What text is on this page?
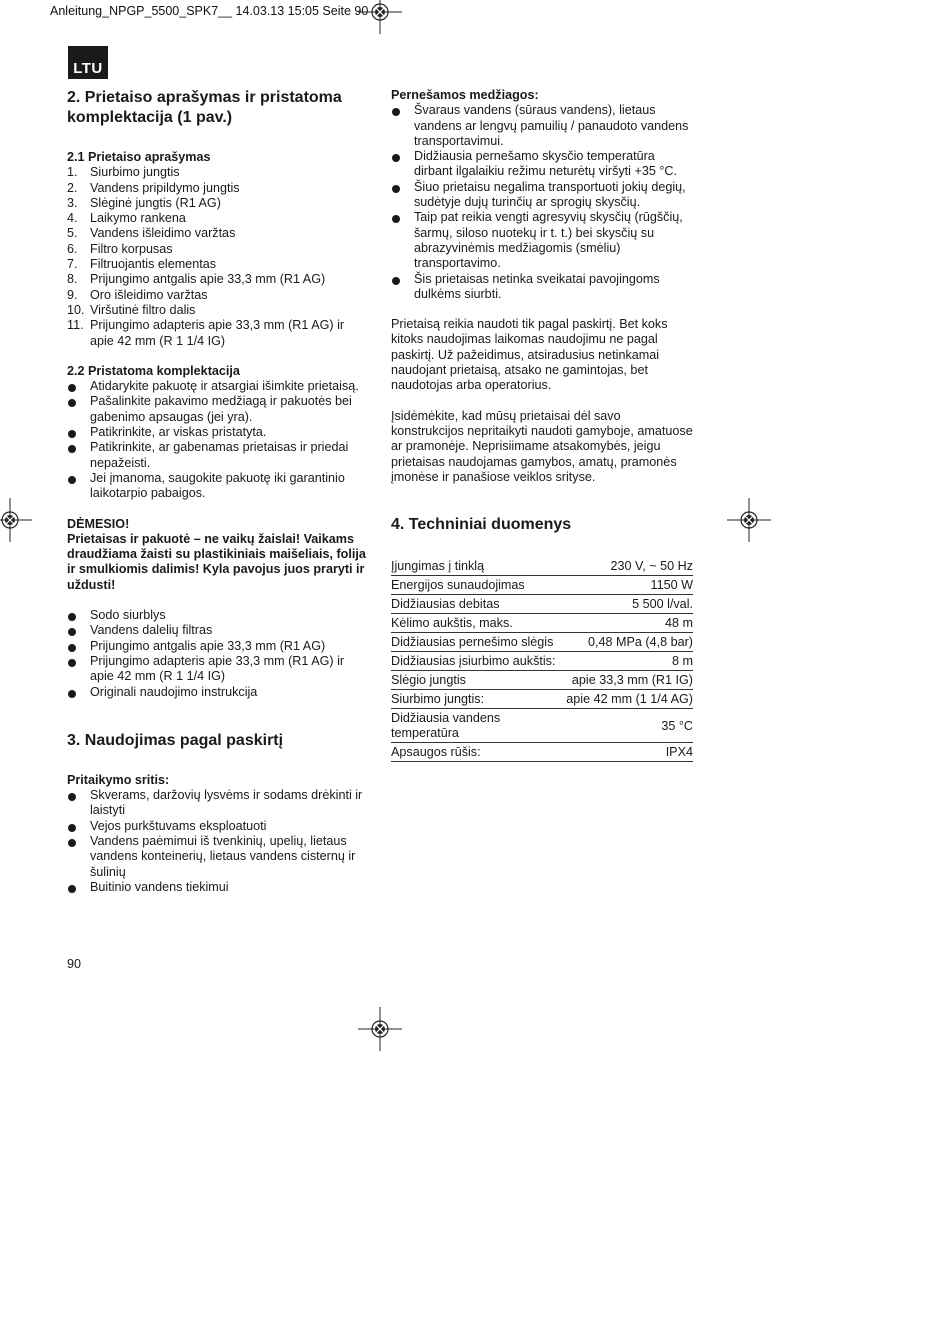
Anleitung_NPGP_5500_SPK7__ 14.03.13 15:05 Seite 90
LTU
2. Prietaiso aprašymas ir pristatoma komplektacija (1 pav.)
2.1 Prietaiso aprašymas
1. Siurbimo jungtis
2. Vandens pripildymo jungtis
3. Slėginė jungtis (R1 AG)
4. Laikymo rankena
5. Vandens išleidimo varžtas
6. Filtro korpusas
7. Filtruojantis elementas
8. Prijungimo antgalis apie 33,3 mm (R1 AG)
9. Oro išleidimo varžtas
10. Viršutinė filtro dalis
11. Prijungimo adapteris apie 33,3 mm (R1 AG) ir apie 42 mm (R 1 1/4 IG)
2.2 Pristatoma komplektacija
Atidarykite pakuotę ir atsargiai išimkite prietaisą.
Pašalinkite pakavimo medžiagą ir pakuotės bei gabenimo apsaugas (jei yra).
Patikrinkite, ar viskas pristatyta.
Patikrinkite, ar gabenamas prietaisas ir priedai nepažeisti.
Jei įmanoma, saugokite pakuotę iki garantinio laikotarpio pabaigos.

DĖMESIO!

Prietaisas ir pakuotė – ne vaikų žaislai! Vaikams draudžiama žaisti su plastikiniais maišeliais, folija ir smulkiomis dalimis! Kyla pavojus juos praryti ir uždusti!

Sodo siurblys
Vandens dalelių filtras
Prijungimo antgalis apie 33,3 mm (R1 AG)
Prijungimo adapteris apie 33,3 mm (R1 AG) ir apie 42 mm (R 1 1/4 IG)
Originali naudojimo instrukcija
3. Naudojimas pagal paskirtį
Pritaikymo sritis:
Skverams, daržovių lysvėms ir sodams drėkinti ir laistyti
Vejos purkštuvams eksploatuoti
Vandens paėmimui iš tvenkinių, upelių, lietaus vandens konteinerių, lietaus vandens cisternų ir šulinių
Buitinio vandens tiekimui
Pernešamos medžiagos:
Švaraus vandens (sūraus vandens), lietaus vandens ar lengvų pamuilių / panaudoto vandens transportavimui.
Didžiausia pernešamo skysčio temperatūra dirbant ilgalaikiu režimu neturėtų viršyti +35 °C.
Šiuo prietaisu negalima transportuoti jokių degių, sudėtyje dujų turinčių ar sprogių skysčių.
Taip pat reikia vengti agresyvių skysčių (rūgščių, šarmų, siloso nuotekų ir t. t.) bei skysčių su abrazyvinėmis medžiagomis (smėliu) transportavimo.
Šis prietaisas netinka sveikatai pavojingoms dulkėms siurbti.

Prietaisą reikia naudoti tik pagal paskirtį. Bet koks kitoks naudojimas laikomas naudojimu ne pagal paskirtį. Už pažeidimus, atsiradusius netinkamai naudojant prietaisą, atsako ne gamintojas, bet naudotojas arba operatorius.

Įsidėmėkite, kad mūsų prietaisai dėl savo konstrukcijos nepritaikyti naudoti gamyboje, amatuose ar pramonėje. Neprisiimame atsakomybės, jeigu prietaisas naudojamas gamybos, amatų, pramonės įmonėse ir panašiose veiklos srityse.

4. Techniniai duomenys
Įjungimas į tinklą	230 V, ~ 50 Hz
Energijos sunaudojimas	1150 W
Didžiausias debitas	5 500 l/val.
Kėlimo aukštis, maks.	48 m
Didžiausias pernešimo slėgis	0,48 MPa (4,8 bar)
Didžiausias įsiurbimo aukštis:	8 m
Slėgio jungtis	apie 33,3 mm (R1 IG)
Siurbimo jungtis:	apie 42 mm (1 1/4 AG)
Didžiausia vandens temperatūra	35 °C
Apsaugos rūšis:	IPX4
90
